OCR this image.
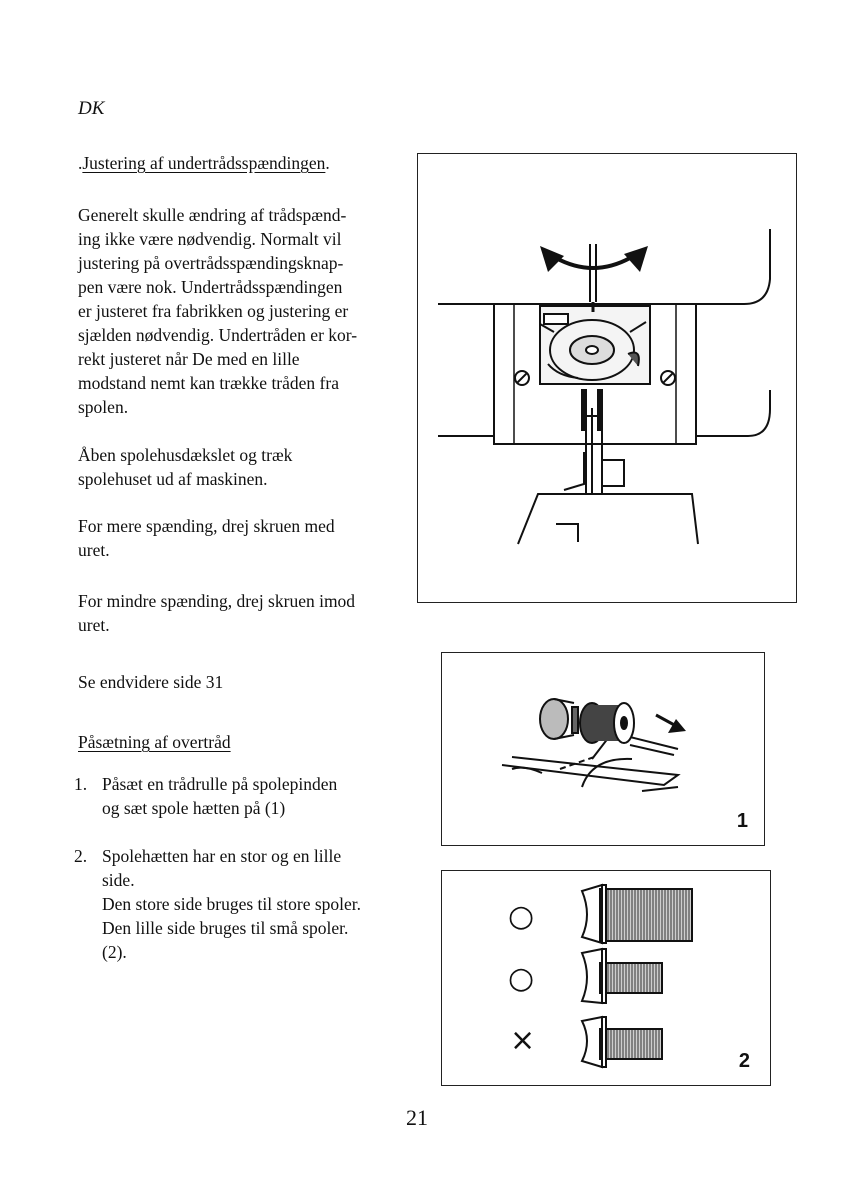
DK
.Justering af undertrådsspændingen.
Generelt skulle ændring af trådspænd-
ing ikke være nødvendig. Normalt vil
justering på overtrådsspændingsknap-
pen være nok. Undertrådsspændingen
er justeret fra fabrikken og justering er
sjælden nødvendig. Undertråden er kor-
rekt justeret når De med en lille
modstand nemt kan trække tråden fra
spolen.
Åben spolehusdækslet og træk
spolehuset ud af maskinen.
For mere spænding, drej skruen med
uret.
For mindre spænding, drej skruen imod
uret.
Se endvidere side 31
Påsætning af overtråd
1. Påsæt en trådrulle på spolepinden
og sæt spole hætten på (1)
2. Spolehætten har en stor og en lille
side.
Den store side bruges til store spoler.
Den lille side bruges til små spoler.
(2).
1
○
○
×
2
21
